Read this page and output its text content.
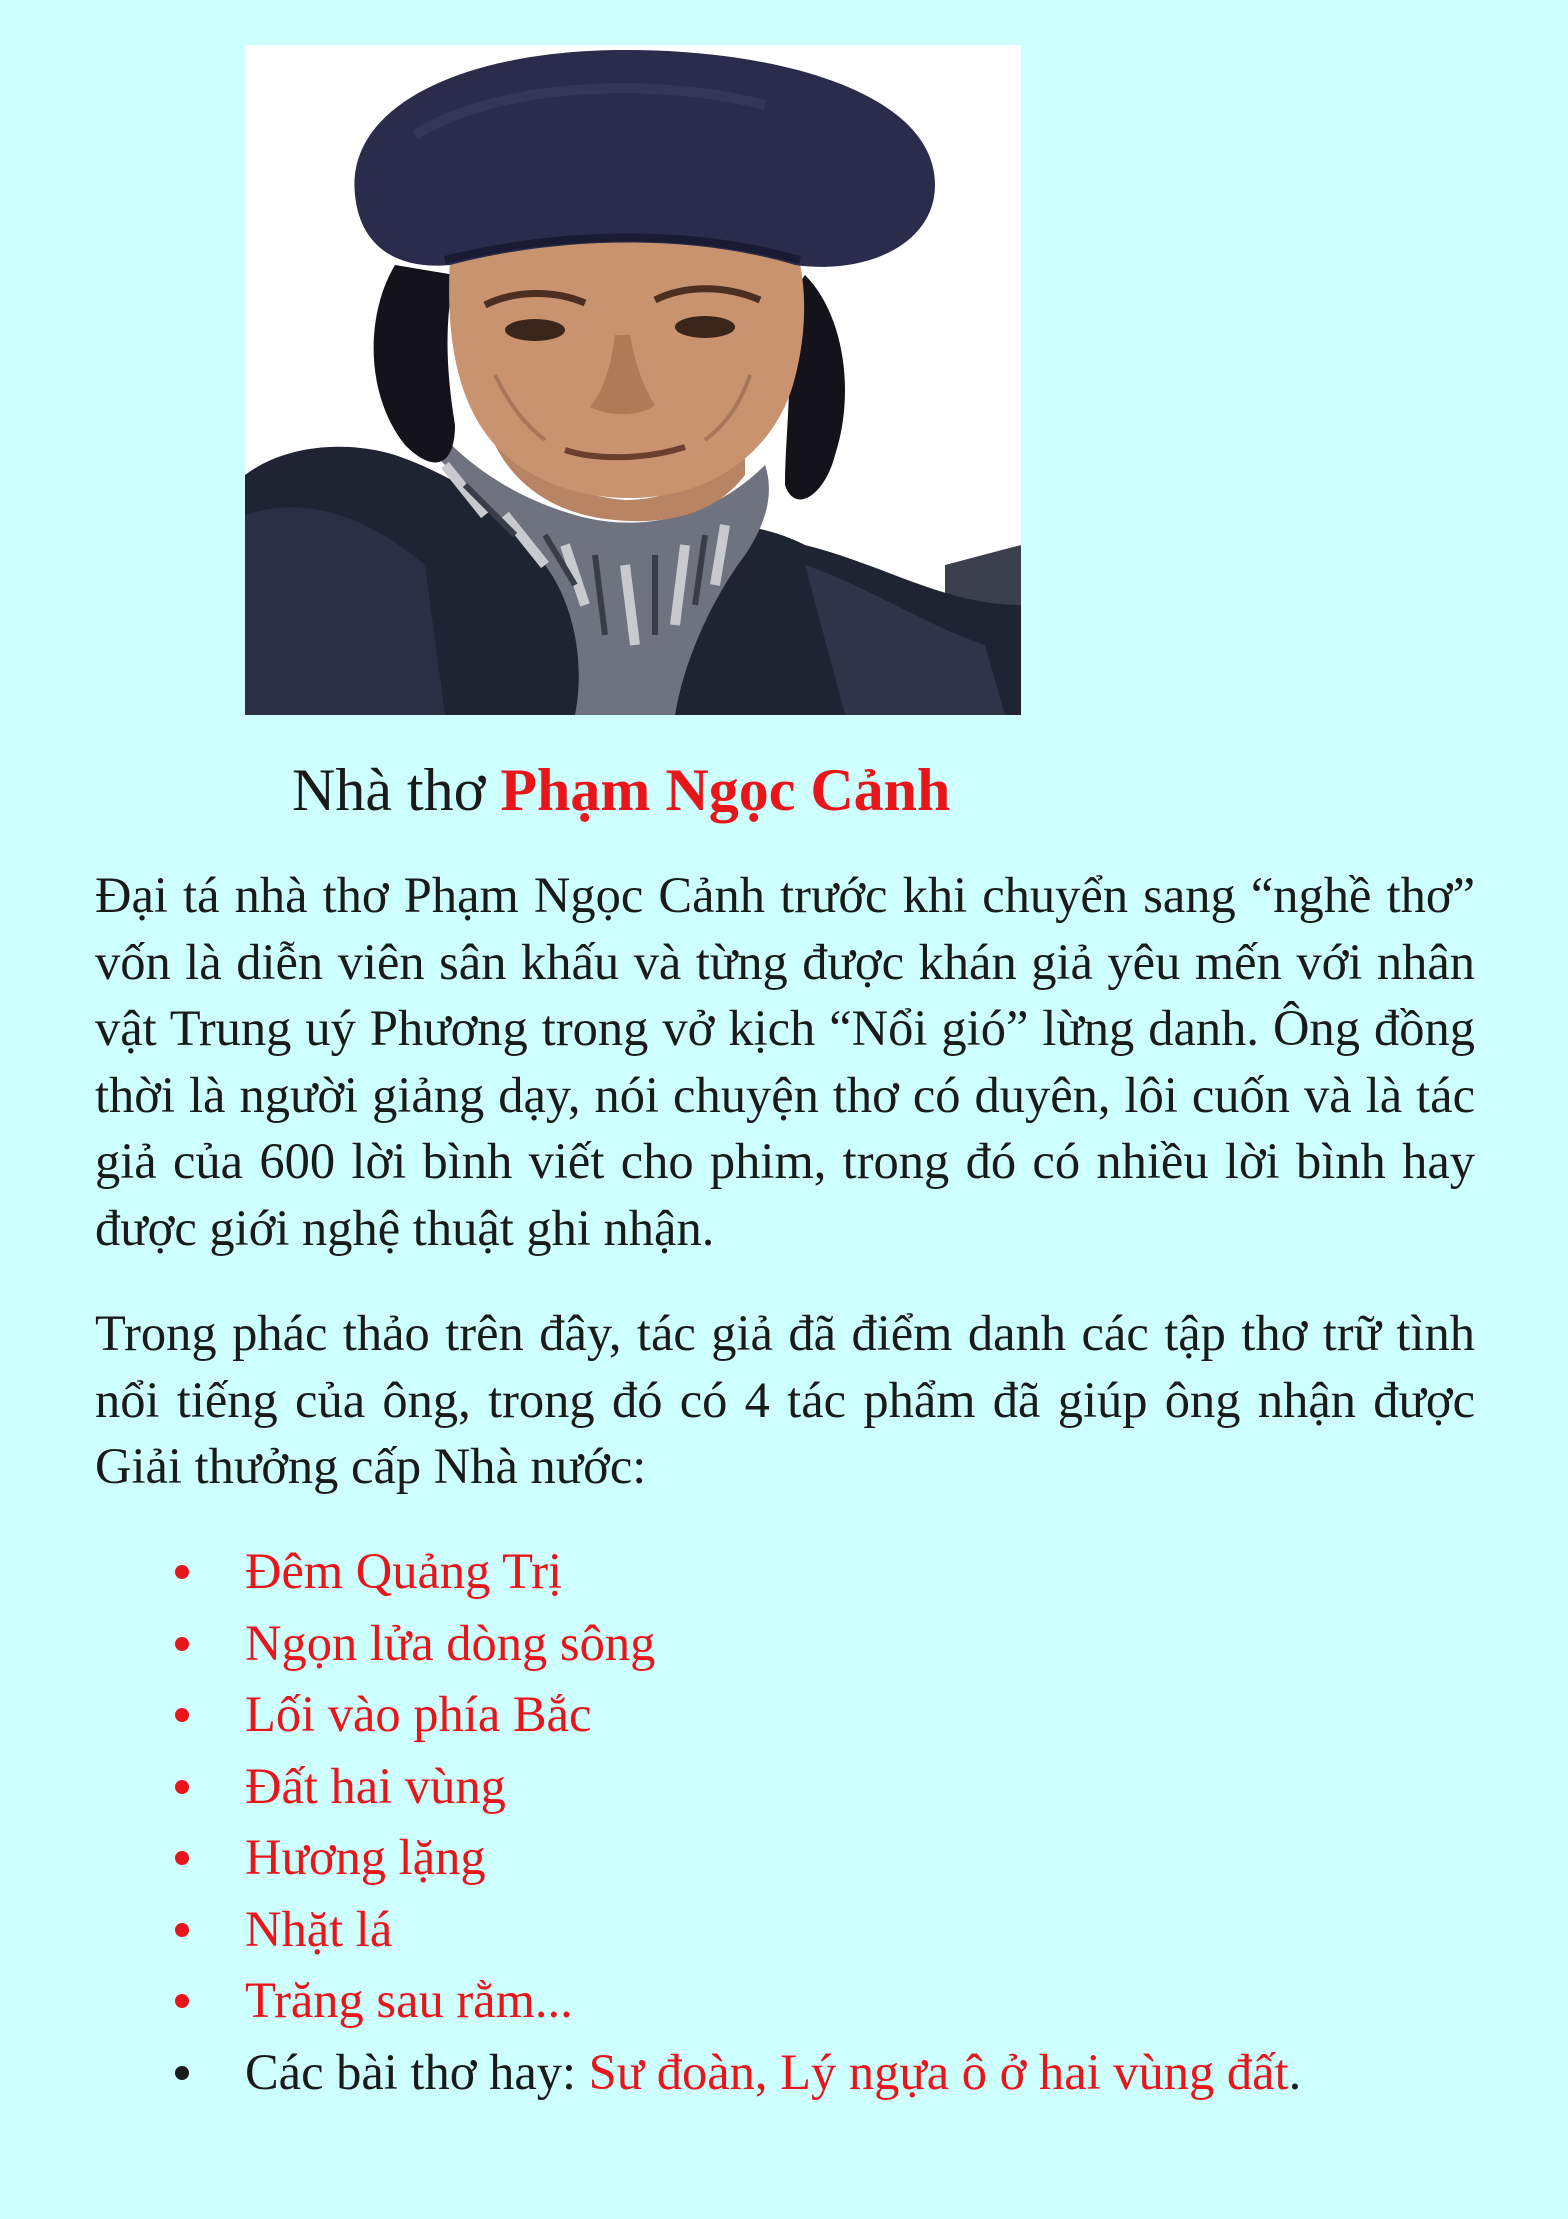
Nhà thơ Phạm Ngọc Cảnh

Đại tá nhà thơ Phạm Ngọc Cảnh trước khi chuyển sang “nghề thơ” vốn là diễn viên sân khấu và từng được khán giả yêu mến với nhân vật Trung uý Phương trong vở kịch “Nổi gió” lừng danh. Ông đồng thời là người giảng dạy, nói chuyện thơ có duyên, lôi cuốn và là tác giả của 600 lời bình viết cho phim, trong đó có nhiều lời bình hay được giới nghệ thuật ghi nhận.

Trong phác thảo trên đây, tác giả đã điểm danh các tập thơ trữ tình nổi tiếng của ông, trong đó có 4 tác phẩm đã giúp ông nhận được Giải thưởng cấp Nhà nước:

Đêm Quảng Trị
Ngọn lửa dòng sông
Lối vào phía Bắc
Đất hai vùng
Hương lặng
Nhặt lá
Trăng sau rằm...
Các bài thơ hay: Sư đoàn, Lý ngựa ô ở hai vùng đất.
